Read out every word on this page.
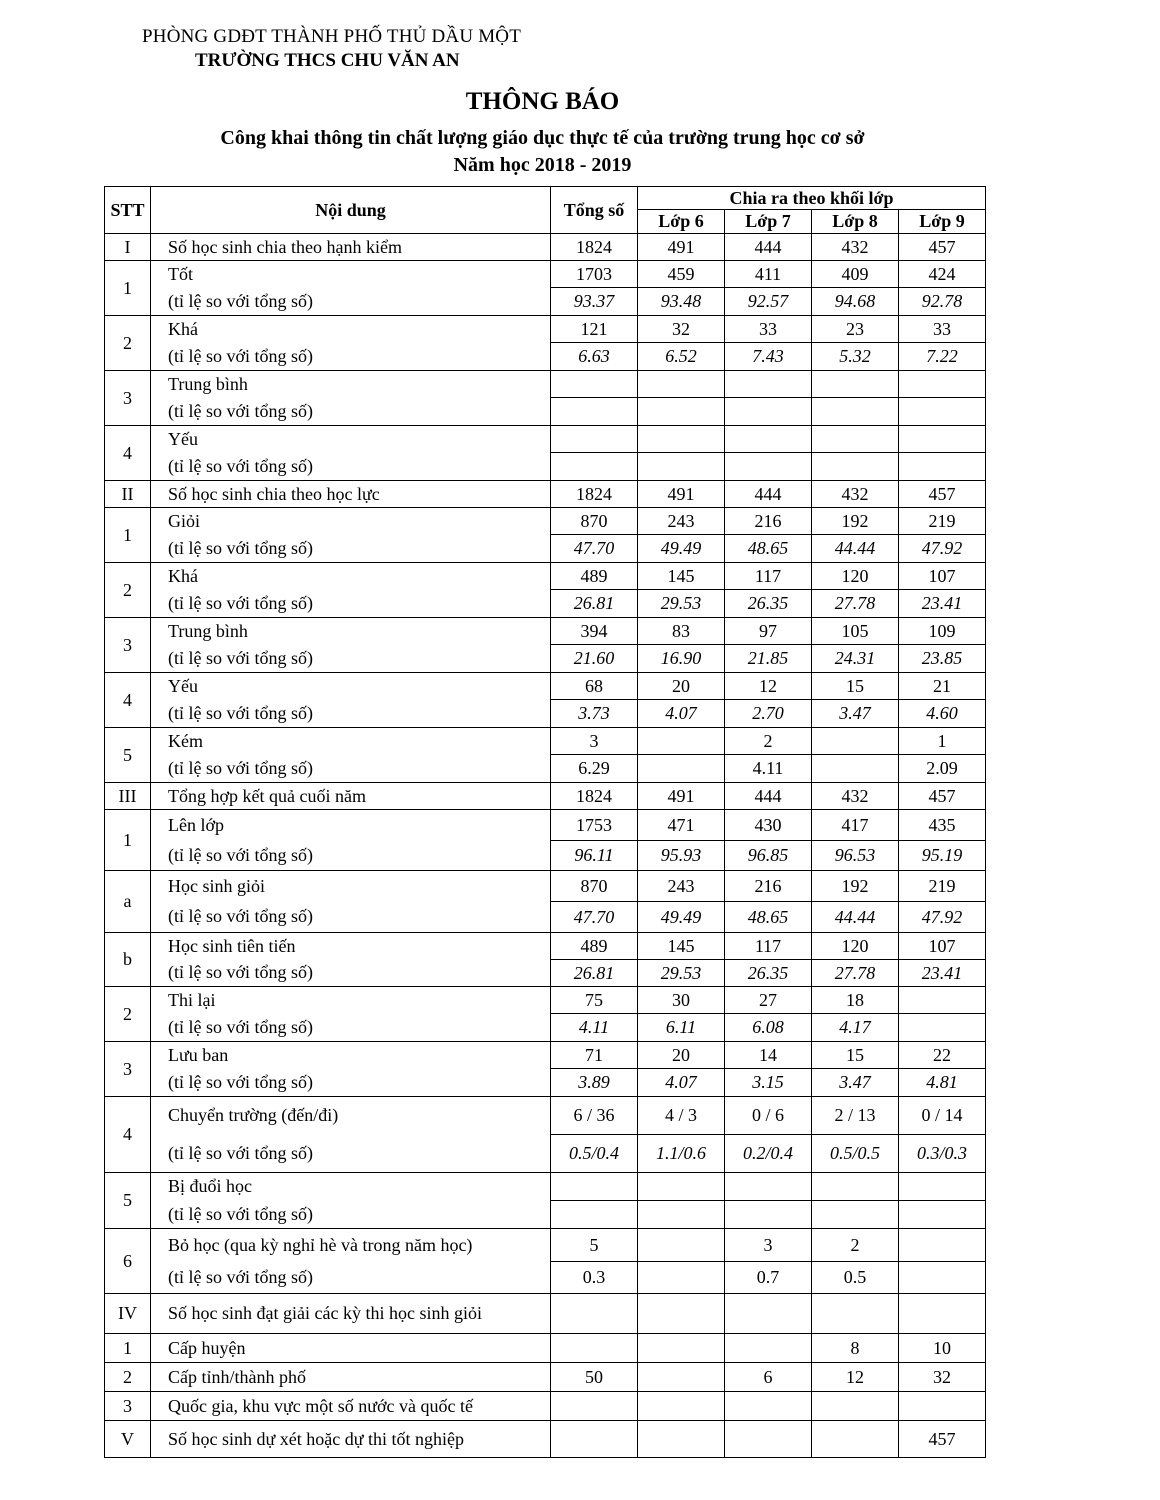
PHÒNG GDĐT THÀNH PHỐ THỦ DẦU MỘT
TRƯỜNG THCS CHU VĂN AN
THÔNG BÁO
Công khai thông tin chất lượng giáo dục thực tế của trường trung học cơ sở
Năm học 2018 - 2019
STT	Nội dung	Tổng số	Chia ra theo khối lớp			
			Lớp 6	Lớp 7	Lớp 8	Lớp 9
I	Số học sinh chia theo hạnh kiểm	1824	491	444	432	457
1	Tốt	1703	459	411	409	424
	(tỉ lệ so với tổng số)	93.37	93.48	92.57	94.68	92.78
2	Khá	121	32	33	23	33
	(tỉ lệ so với tổng số)	6.63	6.52	7.43	5.32	7.22
3	Trung bình					
	(tỉ lệ so với tổng số)					
4	Yếu					
	(tỉ lệ so với tổng số)					
II	Số học sinh chia theo học lực	1824	491	444	432	457
1	Giỏi	870	243	216	192	219
	(tỉ lệ so với tổng số)	47.70	49.49	48.65	44.44	47.92
2	Khá	489	145	117	120	107
	(tỉ lệ so với tổng số)	26.81	29.53	26.35	27.78	23.41
3	Trung bình	394	83	97	105	109
	(tỉ lệ so với tổng số)	21.60	16.90	21.85	24.31	23.85
4	Yếu	68	20	12	15	21
	(tỉ lệ so với tổng số)	3.73	4.07	2.70	3.47	4.60
5	Kém	3		2		1
	(tỉ lệ so với tổng số)	6.29		4.11		2.09
III	Tổng hợp kết quả cuối năm	1824	491	444	432	457
1	Lên lớp	1753	471	430	417	435
	(tỉ lệ so với tổng số)	96.11	95.93	96.85	96.53	95.19
a	Học sinh giỏi	870	243	216	192	219
	(tỉ lệ so với tổng số)	47.70	49.49	48.65	44.44	47.92
b	Học sinh tiên tiến	489	145	117	120	107
	(tỉ lệ so với tổng số)	26.81	29.53	26.35	27.78	23.41
2	Thi lại	75	30	27	18	
	(tỉ lệ so với tổng số)	4.11	6.11	6.08	4.17	
3	Lưu ban	71	20	14	15	22
	(tỉ lệ so với tổng số)	3.89	4.07	3.15	3.47	4.81
4	Chuyển trường (đến/đi)	6 / 36	4 / 3	0 / 6	2 / 13	0 / 14
	(tỉ lệ so với tổng số)	0.5/0.4	1.1/0.6	0.2/0.4	0.5/0.5	0.3/0.3
5	Bị đuổi học					
	(tỉ lệ so với tổng số)					
6	Bỏ học (qua kỳ nghỉ hè và trong năm học)	5		3	2	
	(tỉ lệ so với tổng số)	0.3		0.7	0.5	
IV	Số học sinh đạt giải các kỳ thi học sinh giỏi					
1	Cấp huyện				8	10
2	Cấp tỉnh/thành phố	50		6	12	32
3	Quốc gia, khu vực một số nước và quốc tế					
V	Số học sinh dự xét hoặc dự thi tốt nghiệp					457
